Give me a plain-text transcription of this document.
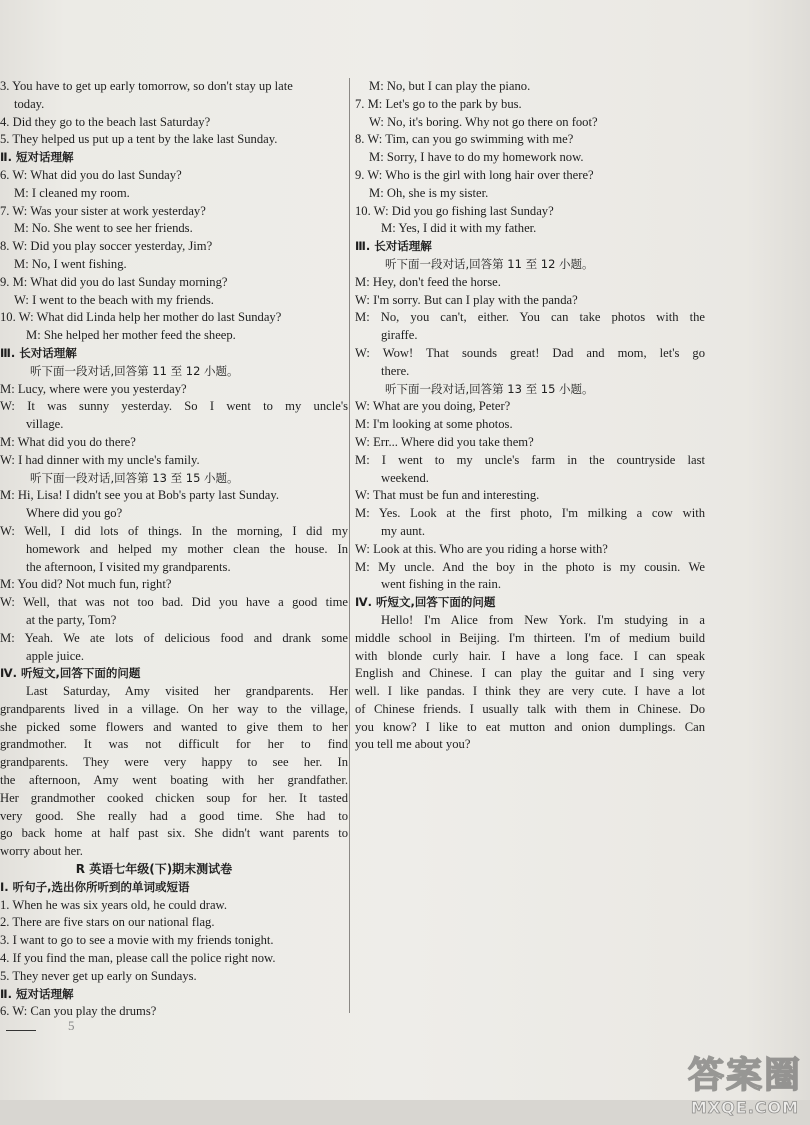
3. You have to get up early tomorrow, so don't stay up late
today.
4. Did they go to the beach last Saturday?
5. They helped us put up a tent by the lake last Sunday.
Ⅱ. 短对话理解
6. W: What did you do last Sunday?
M: I cleaned my room.
7. W: Was your sister at work yesterday?
M: No. She went to see her friends.
8. W: Did you play soccer yesterday, Jim?
M: No, I went fishing.
9. M: What did you do last Sunday morning?
W: I went to the beach with my friends.
10. W: What did Linda help her mother do last Sunday?
M: She helped her mother feed the sheep.
Ⅲ. 长对话理解
听下面一段对话,回答第 11 至 12 小题。
M: Lucy, where were you yesterday?
W: It was sunny yesterday. So I went to my uncle's
village.
M: What did you do there?
W: I had dinner with my uncle's family.
听下面一段对话,回答第 13 至 15 小题。
M: Hi, Lisa! I didn't see you at Bob's party last Sunday.
Where did you go?
W: Well, I did lots of things. In the morning, I did my
homework and helped my mother clean the house. In
the afternoon, I visited my grandparents.
M: You did? Not much fun, right?
W: Well, that was not too bad. Did you have a good time
at the party, Tom?
M: Yeah. We ate lots of delicious food and drank some
apple juice.
Ⅳ. 听短文,回答下面的问题
Last Saturday, Amy visited her grandparents. Her
grandparents lived in a village. On her way to the village,
she picked some flowers and wanted to give them to her
grandmother. It was not difficult for her to find
grandparents. They were very happy to see her. In
the afternoon, Amy went boating with her grandfather.
Her grandmother cooked chicken soup for her. It tasted
very good. She really had a good time. She had to
go back home at half past six. She didn't want parents to
worry about her.
R 英语七年级(下)期末测试卷
Ⅰ. 听句子,选出你所听到的单词或短语
1. When he was six years old, he could draw.
2. There are five stars on our national flag.
3. I want to go to see a movie with my friends tonight.
4. If you find the man, please call the police right now.
5. They never get up early on Sundays.
Ⅱ. 短对话理解
6. W: Can you play the drums?
M: No, but I can play the piano.
7. M: Let's go to the park by bus.
W: No, it's boring. Why not go there on foot?
8. W: Tim, can you go swimming with me?
M: Sorry, I have to do my homework now.
9. W: Who is the girl with long hair over there?
M: Oh, she is my sister.
10. W: Did you go fishing last Sunday?
M: Yes, I did it with my father.
Ⅲ. 长对话理解
听下面一段对话,回答第 11 至 12 小题。
M: Hey, don't feed the horse.
W: I'm sorry. But can I play with the panda?
M: No, you can't, either. You can take photos with the
giraffe.
W: Wow! That sounds great! Dad and mom, let's go
there.
听下面一段对话,回答第 13 至 15 小题。
W: What are you doing, Peter?
M: I'm looking at some photos.
W: Err... Where did you take them?
M: I went to my uncle's farm in the countryside last
weekend.
W: That must be fun and interesting.
M: Yes. Look at the first photo, I'm milking a cow with
my aunt.
W: Look at this. Who are you riding a horse with?
M: My uncle. And the boy in the photo is my cousin. We
went fishing in the rain.
Ⅳ. 听短文,回答下面的问题
Hello! I'm Alice from New York. I'm studying in a
middle school in Beijing. I'm thirteen. I'm of medium build
with blonde curly hair. I have a long face. I can speak
English and Chinese. I can play the guitar and I sing very
well. I like pandas. I think they are very cute. I have a lot
of Chinese friends. I usually talk with them in Chinese. Do
you know? I like to eat mutton and onion dumplings. Can
you tell me about you?
5
答案圈
MXQE.COM
